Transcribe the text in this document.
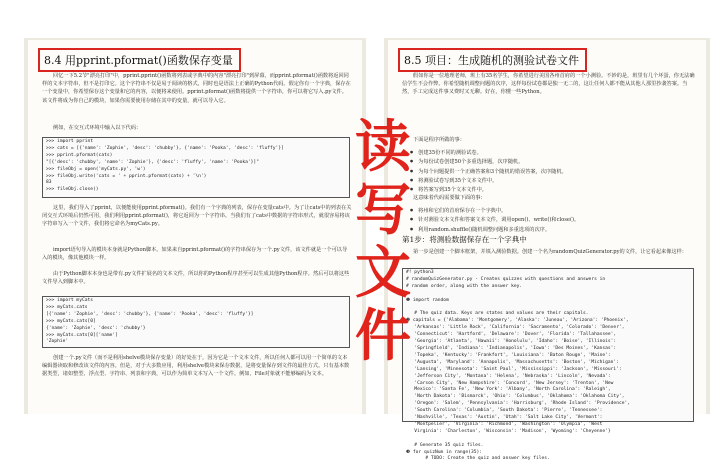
8.4 用pprint.pformat()函数保存变量
回忆一下5.2节"漂亮打印"中，pprint.pprint()函数将列表或字典中的内容"漂亮打印"到屏幕，而pprint.pformat()函数将返回同样的文本字符串，但不是打印它。这个字符串不仅是易于阅读的格式，同时也是语法上正确的Python代码。假定你有一个字典，保存在一个变量中，你希望保存这个变量和它的内容，以便将来使用。pprint.pformat()函数将提供一个字符串，你可以将它写入.py文件。该文件将成为你自己的模块，如果你需要使用存储在其中的变量，就可以导入它。
例如，在交互式环境中输入以下代码：
>>> import pprint
>>> cats = [{'name': 'Zophie', 'desc': 'chubby'}, {'name': 'Pooka', 'desc': 'fluffy'}]
>>> pprint.pformat(cats)
"[{'desc': 'chubby', 'name': 'Zophie'}, {'desc': 'fluffy', 'name': 'Pooka'}]"
>>> fileObj = open('myCats.py', 'w')
>>> fileObj.write('cats = ' + pprint.pformat(cats) + '\n')
83
>>> fileObj.close()
这里，我们导入了pprint，以便能使用pprint.pformat()。我们有一个字典的列表，保存在变量cats中。为了让cats中的列表在关闭交互式环境后仍然可用，我们利用pprint.pformat()，将它返回为一个字符串。当我们有了cats中数据的字符串形式，就很容易将该字符串写入一个文件，我们将它命名为myCats.py。
import语句导入的模块本身就是Python脚本。如果来自pprint.pformat()的字符串保存为一个.py文件，该文件就是一个可以导入的模块，像其他模块一样。
由于Python脚本本身也是带有.py文件扩展名的文本文件，所以你的Python程序甚至可以生成其他Python程序。然后可以将这些文件导入到脚本中。
>>> import myCats
>>> myCats.cats
[{'name': 'Zophie', 'desc': 'chubby'}, {'name': 'Pooka', 'desc': 'fluffy'}]
>>> myCats.cats[0]
{'name': 'Zophie', 'desc': 'chubby'}
>>> myCats.cats[0]['name']
'Zophie'
创建一个.py文件（而不是利用shelve模块保存变量）的好处在于，因为它是一个文本文件，所以任何人都可以用一个简单的文本编辑器读取和修改该文件的内容。但是，对于大多数应用，利用shelve模块来保存数据，是将变量保存到文件的最佳方式。只有基本数据类型，诸如整型、浮点型、字符串、列表和字典，可以作为简单文本写入一个文件。例如，File对象就不能够编码为文本。
8.5 项目：生成随机的测验试卷文件
假如你是一位地理老师，班上有35名学生，你希望进行美国各州首府的一个小测验。不妙的是，班里有几个坏蛋，你无法确信学生不会作弊。你希望随机调整问题的次序，这样每份试卷都是独一无二的，这让任何人都不能从其他人那里抄袭答案。当然，手工完成这件事又费时又无聊。好在，你懂一些Python。
下面是程序所做的事：
● 创建35份不同的测验试卷。
● 为每份试卷创建50个多重选择题，次序随机。
● 为每个问题提供一个正确答案和3个随机的错误答案，次序随机。
● 将测验试卷写到35个文本文件中。
● 将答案写到35个文本文件中。
这意味着代码需要做下面的事：
● 将州和它们的首府保存在一个字典中。
● 针对测验文本文件和答案文本文件，调用open()、write()和close()。
● 利用random.shuffle()随机调整问题和多重选项的次序。
第1步：将测验数据保存在一个字典中
第一步是创建一个脚本框架，并填入测验数据。创建一个名为randomQuizGenerator.py的文件，让它看起来像这样：
#! python3
# randomQuizGenerator.py - Creates quizzes with questions and answers in
# random order, along with the answer key.

❶ import random

# The quiz data. Keys are states and values are their capitals.
❷ capitals = {'Alabama': 'Montgomery', 'Alaska': 'Juneau', 'Arizona': 'Phoenix',
'Arkansas': 'Little Rock', 'California': 'Sacramento', 'Colorado': 'Denver',
'Connecticut': 'Hartford', 'Delaware': 'Dover', 'Florida': 'Tallahassee',
'Georgia': 'Atlanta', 'Hawaii': 'Honolulu', 'Idaho': 'Boise', 'Illinois':
'Springfield', 'Indiana': 'Indianapolis', 'Iowa': 'Des Moines', 'Kansas':
'Topeka', 'Kentucky': 'Frankfort', 'Louisiana': 'Baton Rouge', 'Maine':
'Augusta', 'Maryland': 'Annapolis', 'Massachusetts': 'Boston', 'Michigan':
'Lansing', 'Minnesota': 'Saint Paul', 'Mississippi': 'Jackson', 'Missouri':
'Jefferson City', 'Montana': 'Helena', 'Nebraska': 'Lincoln', 'Nevada':
'Carson City', 'New Hampshire': 'Concord', 'New Jersey': 'Trenton', 'New
Mexico': 'Santa Fe', 'New York': 'Albany', 'North Carolina': 'Raleigh',
'North Dakota': 'Bismarck', 'Ohio': 'Columbus', 'Oklahoma': 'Oklahoma City',
'Oregon': 'Salem', 'Pennsylvania': 'Harrisburg', 'Rhode Island': 'Providence',
'South Carolina': 'Columbia', 'South Dakota': 'Pierre', 'Tennessee':
'Nashville', 'Texas': 'Austin', 'Utah': 'Salt Lake City', 'Vermont':
'Montpelier', 'Virginia': 'Richmond', 'Washington': 'Olympia', 'West
Virginia': 'Charleston', 'Wisconsin': 'Madison', 'Wyoming': 'Cheyenne'}

# Generate 35 quiz files.
❸ for quizNum in range(35):
# TODO: Create the quiz and answer key files.
读
写
文
件
